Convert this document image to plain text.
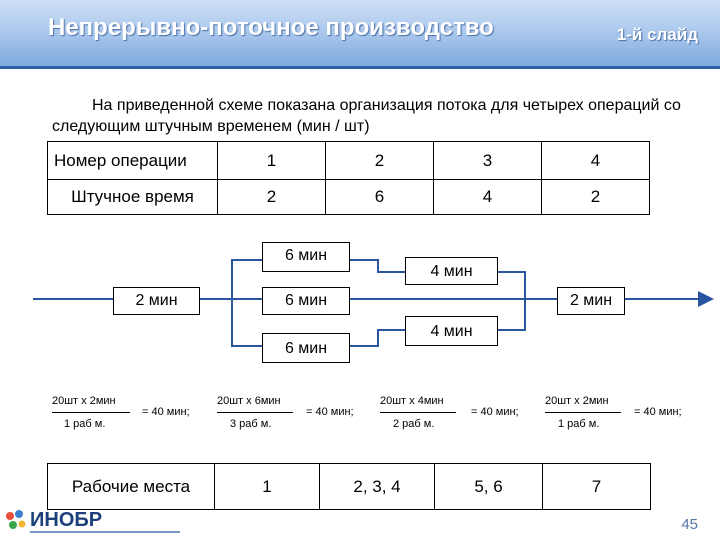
Непрерывно-поточное производство	1-й слайд

На приведенной схеме показана организация потока для четырех операций со следующим штучным временем (мин / шт)

Номер операции	1	2	3	4
Штучное время	2	6	4	2
2 мин
6 мин
6 мин
6 мин
4 мин
4 мин
2 мин
20шт х 2мин
1 раб м.
= 40 мин;
20шт х 6мин
3 раб м.
= 40 мин;
20шт х 4мин
2 раб м.
= 40 мин;
20шт х 2мин
1 раб м.
= 40 мин;
Рабочие места	1	2, 3, 4	5, 6	7
ИНОБР	45
